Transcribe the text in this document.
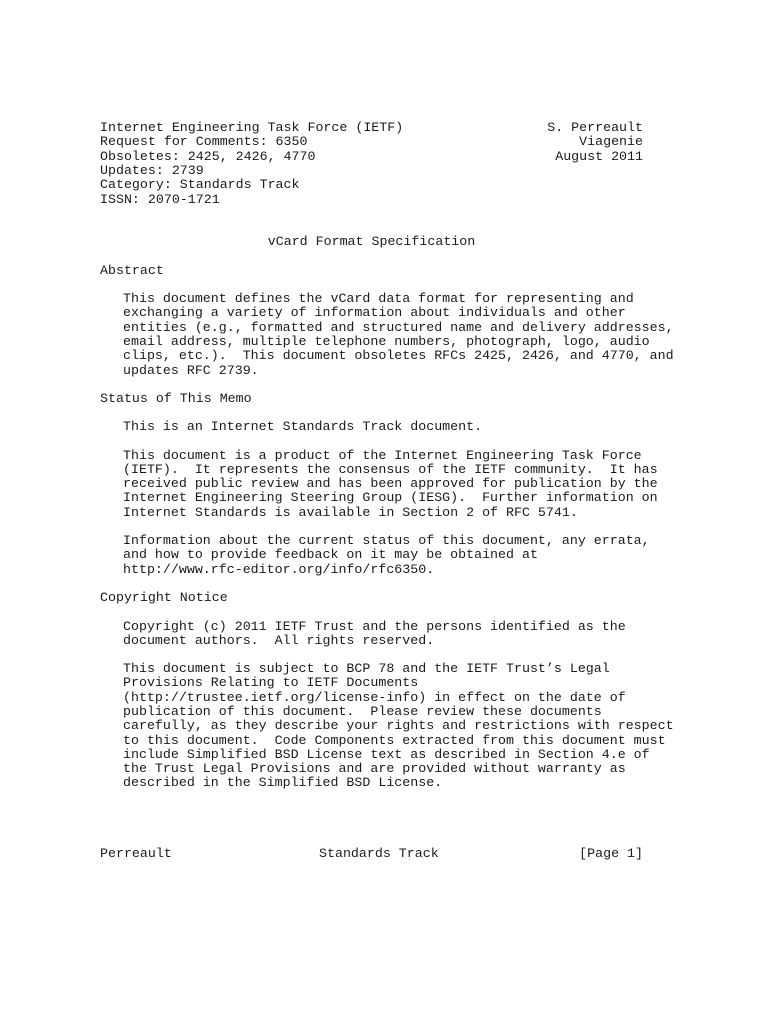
Internet Engineering Task Force (IETF)	S. Perreault
Request for Comments: 6350	Viagenie
Obsoletes: 2425, 2426, 4770	August 2011
Updates: 2739
Category: Standards Track
ISSN: 2070-1721
vCard Format Specification
Abstract
This document defines the vCard data format for representing and
exchanging a variety of information about individuals and other
entities (e.g., formatted and structured name and delivery addresses,
email address, multiple telephone numbers, photograph, logo, audio
clips, etc.).  This document obsoletes RFCs 2425, 2426, and 4770, and
updates RFC 2739.
Status of This Memo
This is an Internet Standards Track document.
This document is a product of the Internet Engineering Task Force
(IETF).  It represents the consensus of the IETF community.  It has
received public review and has been approved for publication by the
Internet Engineering Steering Group (IESG).  Further information on
Internet Standards is available in Section 2 of RFC 5741.
Information about the current status of this document, any errata,
and how to provide feedback on it may be obtained at
http://www.rfc-editor.org/info/rfc6350.
Copyright Notice
Copyright (c) 2011 IETF Trust and the persons identified as the
document authors.  All rights reserved.
This document is subject to BCP 78 and the IETF Trust’s Legal
Provisions Relating to IETF Documents
(http://trustee.ietf.org/license-info) in effect on the date of
publication of this document.  Please review these documents
carefully, as they describe your rights and restrictions with respect
to this document.  Code Components extracted from this document must
include Simplified BSD License text as described in Section 4.e of
the Trust Legal Provisions and are provided without warranty as
described in the Simplified BSD License.
Perreault	Standards Track	[Page 1]
